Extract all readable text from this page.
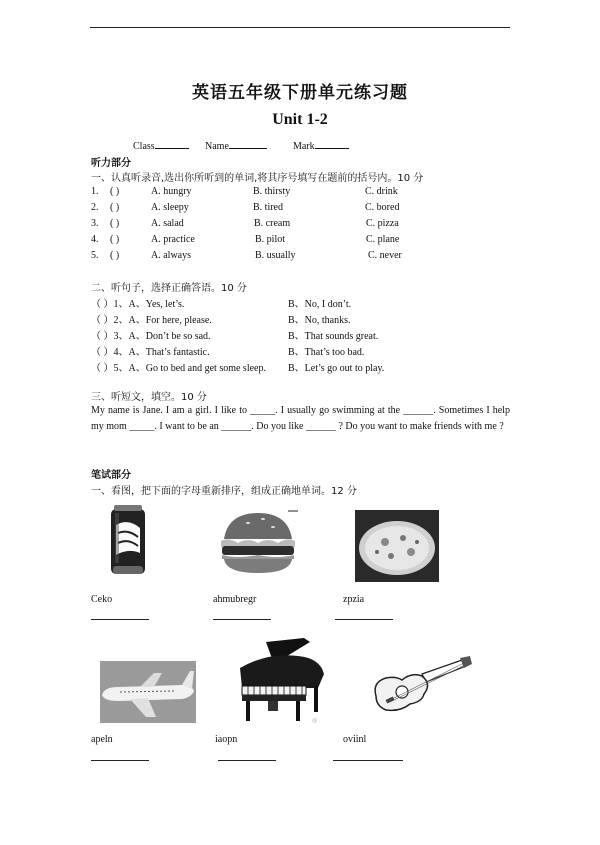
英语五年级下册单元练习题
Unit 1-2
Class	Name	Mark
听力部分
一、认真听录音,选出你所听到的单词,将其序号填写在题前的括号内。10 分
1. ( )	A. hungry	B. thirsty	C. drink
2. ( )	A. sleepy	B. tired	C. bored
3. ( )	A. salad	B. cream	C. pizza
4. ( )	A. practice	B. pilot	C. plane
5. ( )	A. always	B. usually	C. never
二、听句子，选择正确答语。10 分
（ ）1、A、Yes, let’s.	B、No, I don’t.
（ ）2、A、For here, please.	B、No, thanks.
（ ）3、A、Don’t be so sad.	B、That sounds great.
（ ）4、A、That’s fantastic.	B、That’s too bad.
（ ）5、A、Go to bed and get some sleep. B、Let’s go out to play.
三、听短文，填空。10 分
My name is Jane. I am a girl. I like to _____. I usually go swimming at the ______. Sometimes I help my mom _____. I want to be an ______. Do you like ______ ? Do you want to make friends with me ?
笔试部分
一、看图，把下面的字母重新排序，组成正确地单词。12 分
Ceko	ahmubregr	zpzia
◎
apeln	iaopn	oviinl
